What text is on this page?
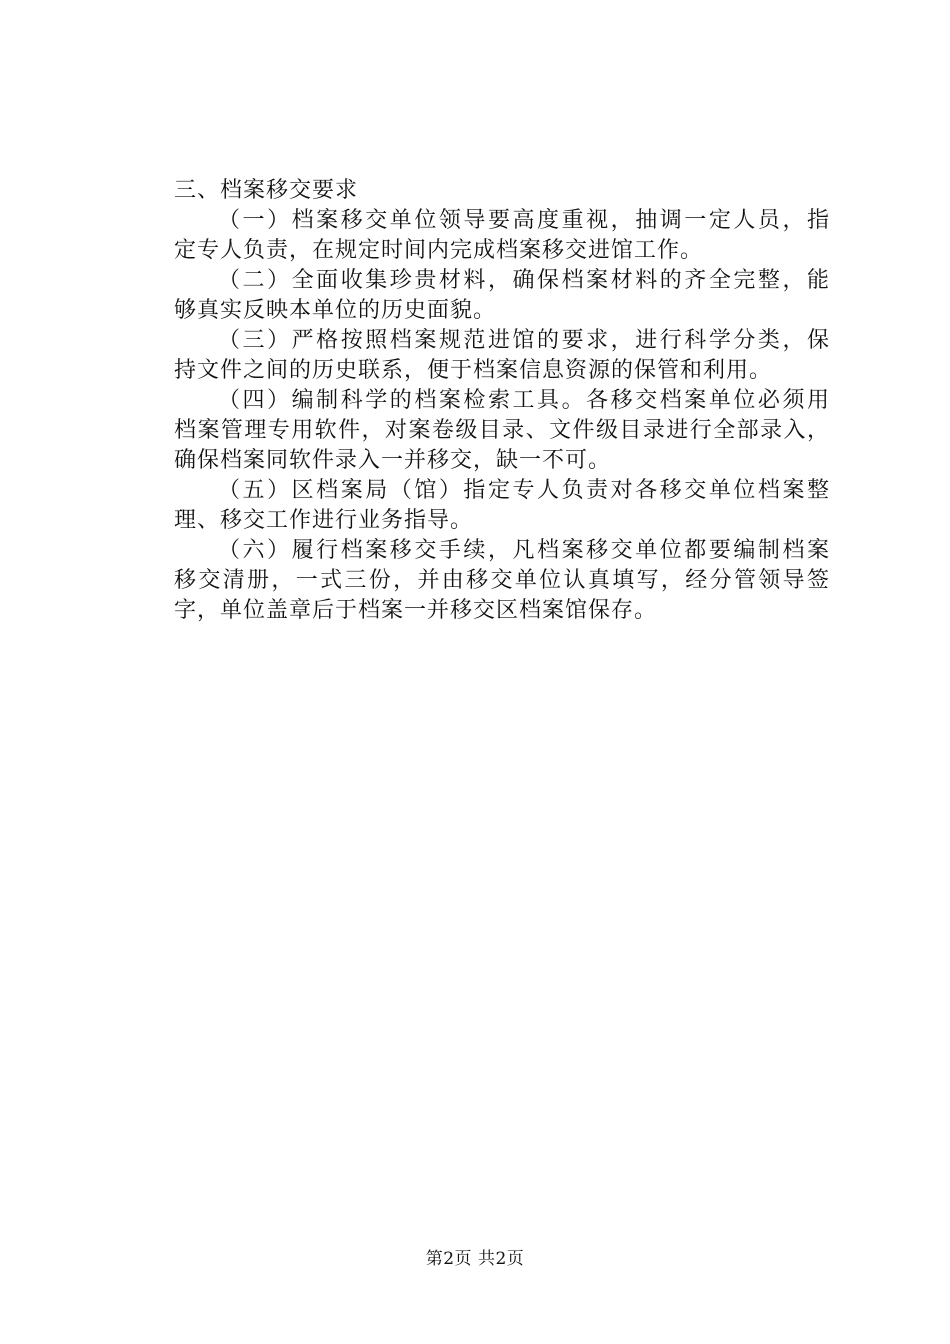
三、档案移交要求

（一）档案移交单位领导要高度重视，抽调一定人员，指
定专人负责，在规定时间内完成档案移交进馆工作。
（二）全面收集珍贵材料，确保档案材料的齐全完整，能
够真实反映本单位的历史面貌。
（三）严格按照档案规范进馆的要求，进行科学分类，保
持文件之间的历史联系，便于档案信息资源的保管和利用。
（四）编制科学的档案检索工具。各移交档案单位必须用
档案管理专用软件，对案卷级目录、文件级目录进行全部录入，
确保档案同软件录入一并移交，缺一不可。
（五）区档案局（馆）指定专人负责对各移交单位档案整
理、移交工作进行业务指导。
（六）履行档案移交手续，凡档案移交单位都要编制档案
移交清册，一式三份，并由移交单位认真填写，经分管领导签
字，单位盖章后于档案一并移交区档案馆保存。
第2页 共2页
